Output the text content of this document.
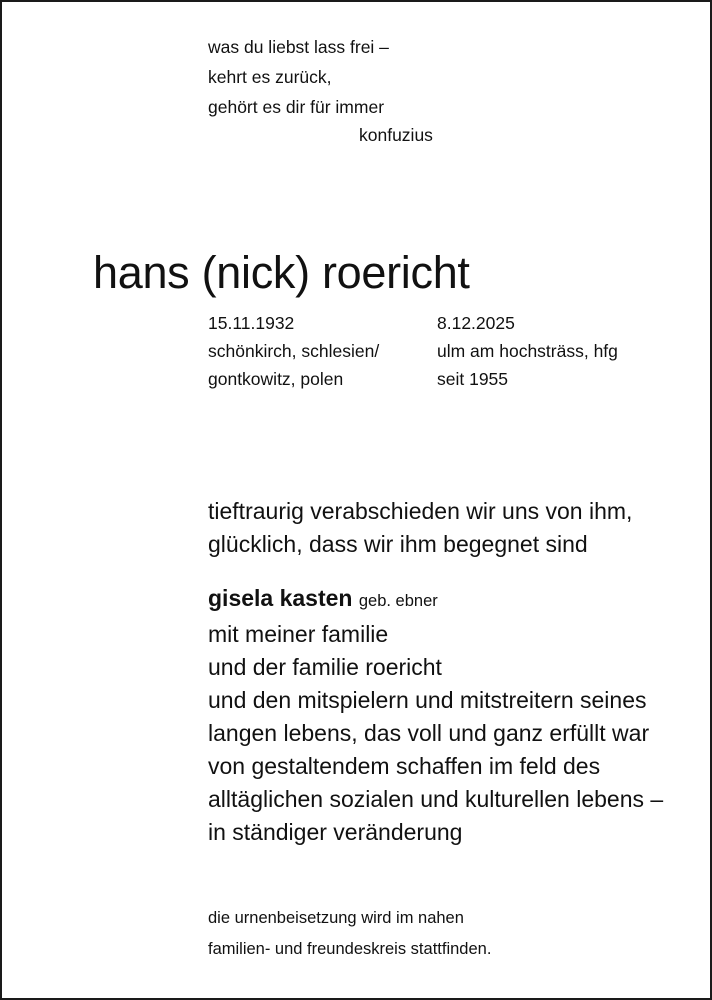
was du liebst lass frei –
kehrt es zurück,
gehört es dir für immer
konfuzius
hans (nick) roericht
15.11.1932
schönkirch, schlesien/
gontkowitz, polen
8.12.2025
ulm am hochsträss, hfg
seit 1955
tieftraurig verabschieden wir uns von ihm,
glücklich, dass wir ihm begegnet sind
gisela kasten geb. ebner
mit meiner familie
und der familie roericht
und den mitspielern und mitstreitern seines
langen lebens, das voll und ganz erfüllt war
von gestaltendem schaffen im feld des
alltäglichen sozialen und kulturellen lebens –
in ständiger veränderung
die urnenbeisetzung wird im nahen
familien- und freundeskreis stattfinden.
